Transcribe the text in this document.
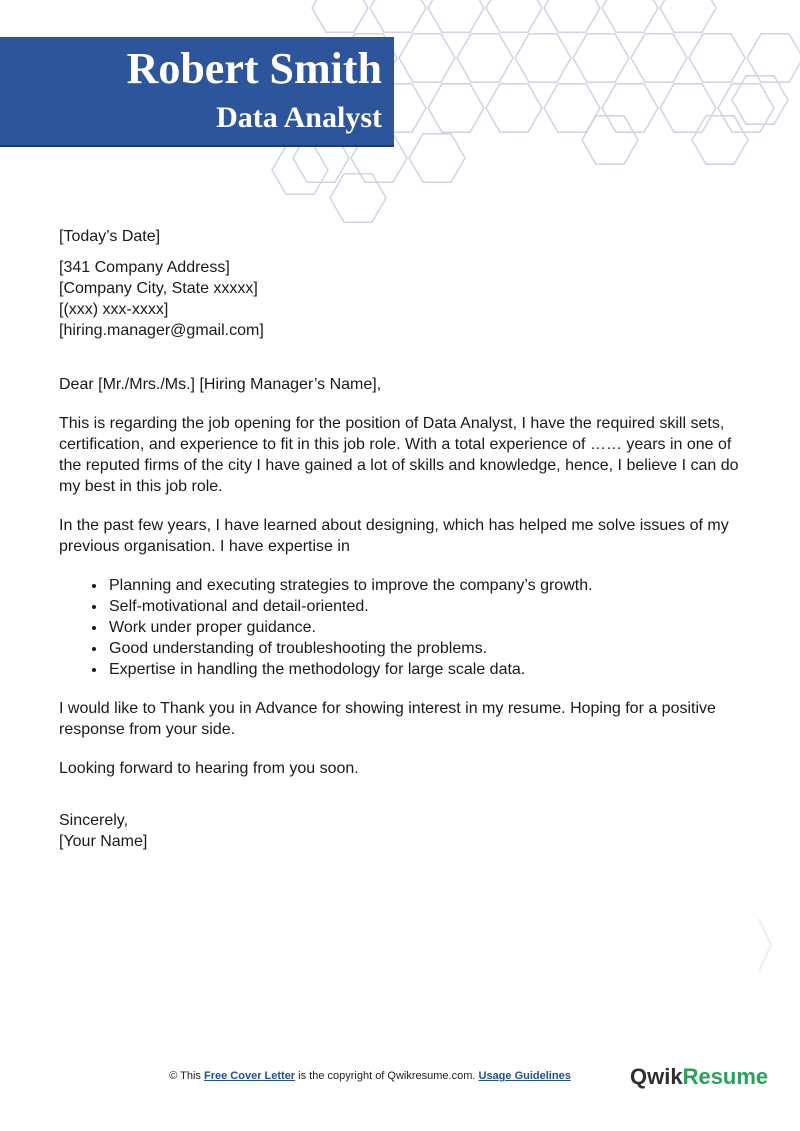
Robert Smith
Data Analyst

[Today’s Date]

[341 Company Address]

[Company City, State xxxxx]

[(xxx) xxx-xxxx]

[hiring.manager@gmail.com]

Dear [Mr./Mrs./Ms.] [Hiring Manager’s Name],

This is regarding the job opening for the position of Data Analyst, I have the required skill sets, certification, and experience to fit in this job role. With a total experience of …… years in one of the reputed firms of the city I have gained a lot of skills and knowledge, hence, I believe I can do my best in this job role.

In the past few years, I have learned about designing, which has helped me solve issues of my previous organisation. I have expertise in

• Planning and executing strategies to improve the company’s growth.
• Self-motivational and detail-oriented.
• Work under proper guidance.
• Good understanding of troubleshooting the problems.
• Expertise in handling the methodology for large scale data.

I would like to Thank you in Advance for showing interest in my resume. Hoping for a positive response from your side.

Looking forward to hearing from you soon.

Sincerely,

[Your Name]

© This Free Cover Letter is the copyright of Qwikresume.com. Usage Guidelines	QwikResume
